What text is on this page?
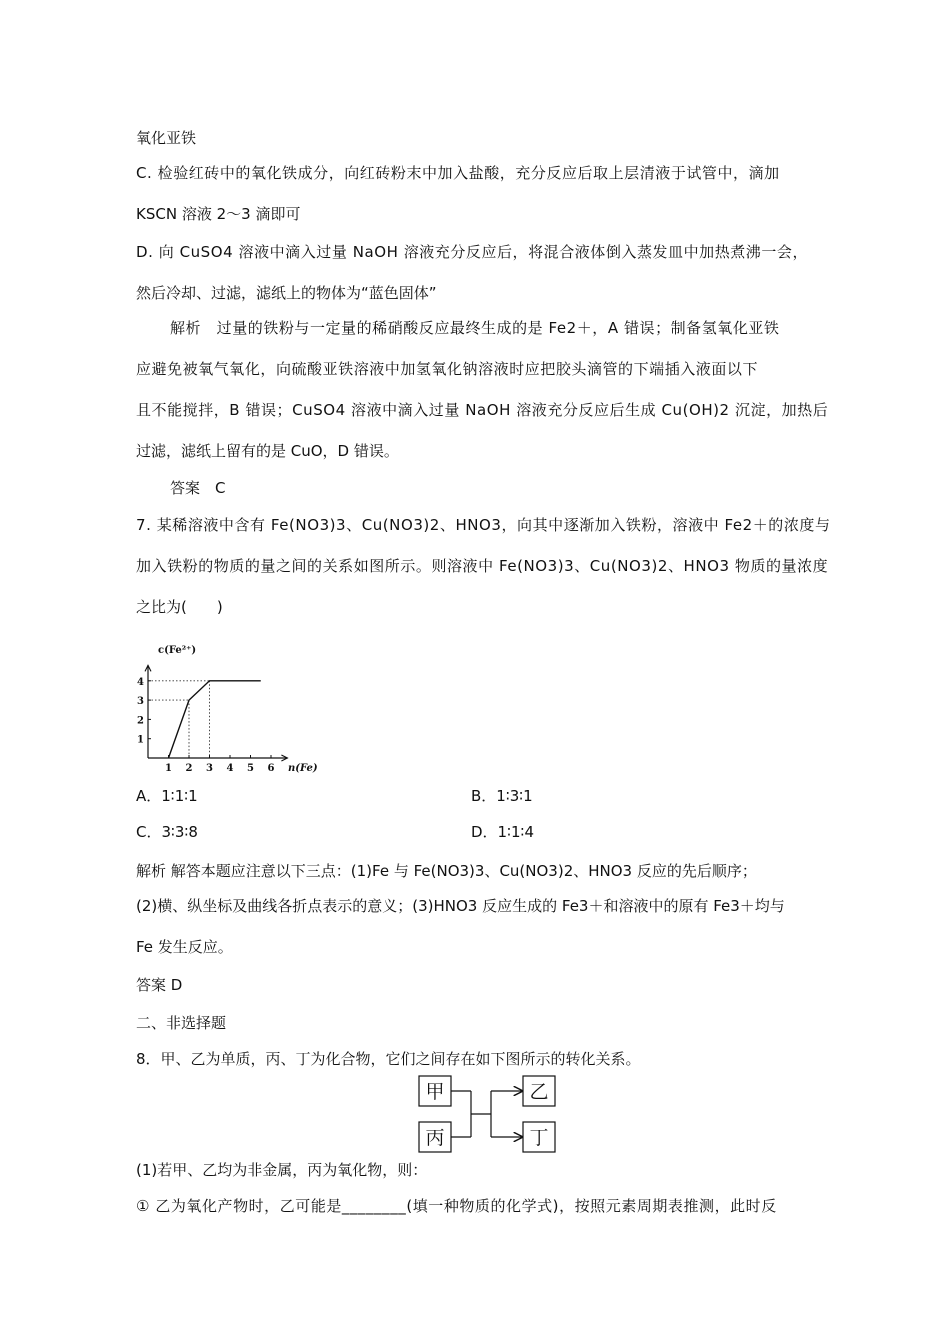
氧化亚铁
C. 检验红砖中的氧化铁成分，向红砖粉末中加入盐酸，充分反应后取上层清液于试管中，滴加
KSCN 溶液 2～3 滴即可
D. 向 CuSO4 溶液中滴入过量 NaOH 溶液充分反应后，将混合液体倒入蒸发皿中加热煮沸一会，
然后冷却、过滤，滤纸上的物体为“蓝色固体”
解析　过量的铁粉与一定量的稀硝酸反应最终生成的是 Fe2＋，A 错误；制备氢氧化亚铁
应避免被氧气氧化，向硫酸亚铁溶液中加氢氧化钠溶液时应把胶头滴管的下端插入液面以下
且不能搅拌，B 错误；CuSO4 溶液中滴入过量 NaOH 溶液充分反应后生成 Cu(OH)2 沉淀，加热后
过滤，滤纸上留有的是 CuO，D 错误。
答案　C
7. 某稀溶液中含有 Fe(NO3)3、Cu(NO3)2、HNO3，向其中逐渐加入铁粉，溶液中 Fe2＋的浓度与
加入铁粉的物质的量之间的关系如图所示。则溶液中 Fe(NO3)3、Cu(NO3)2、HNO3 物质的量浓度
之比为(　　)
1 2 3 4 5 6
1
2
3
4
c(Fe²⁺)
n(Fe)
A．1∶1∶1	B．1∶3∶1
C．3∶3∶8	D．1∶1∶4
解析 解答本题应注意以下三点：(1)Fe 与 Fe(NO3)3、Cu(NO3)2、HNO3 反应的先后顺序；
(2)横、纵坐标及曲线各折点表示的意义；(3)HNO3 反应生成的 Fe3＋和溶液中的原有 Fe3＋均与
Fe 发生反应。
答案 D
二、非选择题
8．甲、乙为单质，丙、丁为化合物，它们之间存在如下图所示的转化关系。
甲
丙
乙
丁
(1)若甲、乙均为非金属，丙为氧化物，则：
① 乙为氧化产物时，乙可能是________(填一种物质的化学式)，按照元素周期表推测，此时反
